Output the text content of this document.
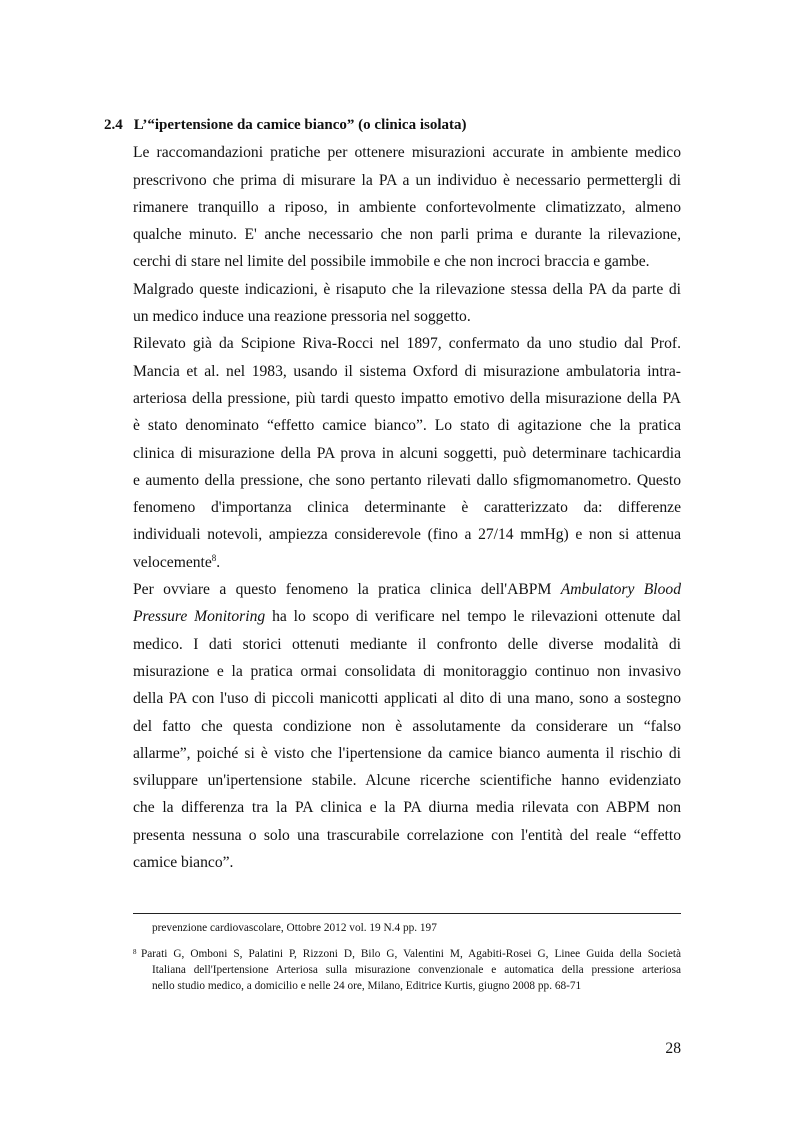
2.4 L’“ipertensione da camice bianco” (o clinica isolata)
Le raccomandazioni pratiche per ottenere misurazioni accurate in ambiente medico
prescrivono che prima di misurare la PA a un individuo è necessario permettergli di
rimanere tranquillo a riposo, in ambiente confortevolmente climatizzato, almeno
qualche minuto. E' anche necessario che non parli prima e durante la rilevazione,
cerchi di stare nel limite del possibile immobile e che non incroci braccia e gambe.
Malgrado queste indicazioni, è risaputo che la rilevazione stessa della PA da parte di
un medico induce una reazione pressoria nel soggetto.
Rilevato già da Scipione Riva-Rocci nel 1897, confermato da uno studio dal Prof.
Mancia et al. nel 1983, usando il sistema Oxford di misurazione ambulatoria intra-
arteriosa della pressione, più tardi questo impatto emotivo della misurazione della PA
è stato denominato “effetto camice bianco”. Lo stato di agitazione che la pratica
clinica di misurazione della PA prova in alcuni soggetti, può determinare tachicardia
e aumento della pressione, che sono pertanto rilevati dallo sfigmomanometro. Questo
fenomeno d'importanza clinica determinante è caratterizzato da: differenze
individuali notevoli, ampiezza considerevole (fino a 27/14 mmHg) e non si attenua
velocemente$^8$.
Per ovviare a questo fenomeno la pratica clinica dell'ABPM Ambulatory Blood
Pressure Monitoring ha lo scopo di verificare nel tempo le rilevazioni ottenute dal
medico. I dati storici ottenuti mediante il confronto delle diverse modalità di
misurazione e la pratica ormai consolidata di monitoraggio continuo non invasivo
della PA con l'uso di piccoli manicotti applicati al dito di una mano, sono a sostegno
del fatto che questa condizione non è assolutamente da considerare un “falso
allarme”, poiché si è visto che l'ipertensione da camice bianco aumenta il rischio di
sviluppare un'ipertensione stabile. Alcune ricerche scientifiche hanno evidenziato
che la differenza tra la PA clinica e la PA diurna media rilevata con ABPM non
presenta nessuna o solo una trascurabile correlazione con l'entità del reale “effetto
camice bianco”.
prevenzione cardiovascolare, Ottobre 2012 vol. 19 N.4 pp. 197
8 Parati G, Omboni S, Palatini P, Rizzoni D, Bilo G, Valentini M, Agabiti-Rosei G, Linee Guida della Società
Italiana dell'Ipertensione Arteriosa sulla misurazione convenzionale e automatica della pressione arteriosa
nello studio medico, a domicilio e nelle 24 ore, Milano, Editrice Kurtis, giugno 2008 pp. 68-71
28
